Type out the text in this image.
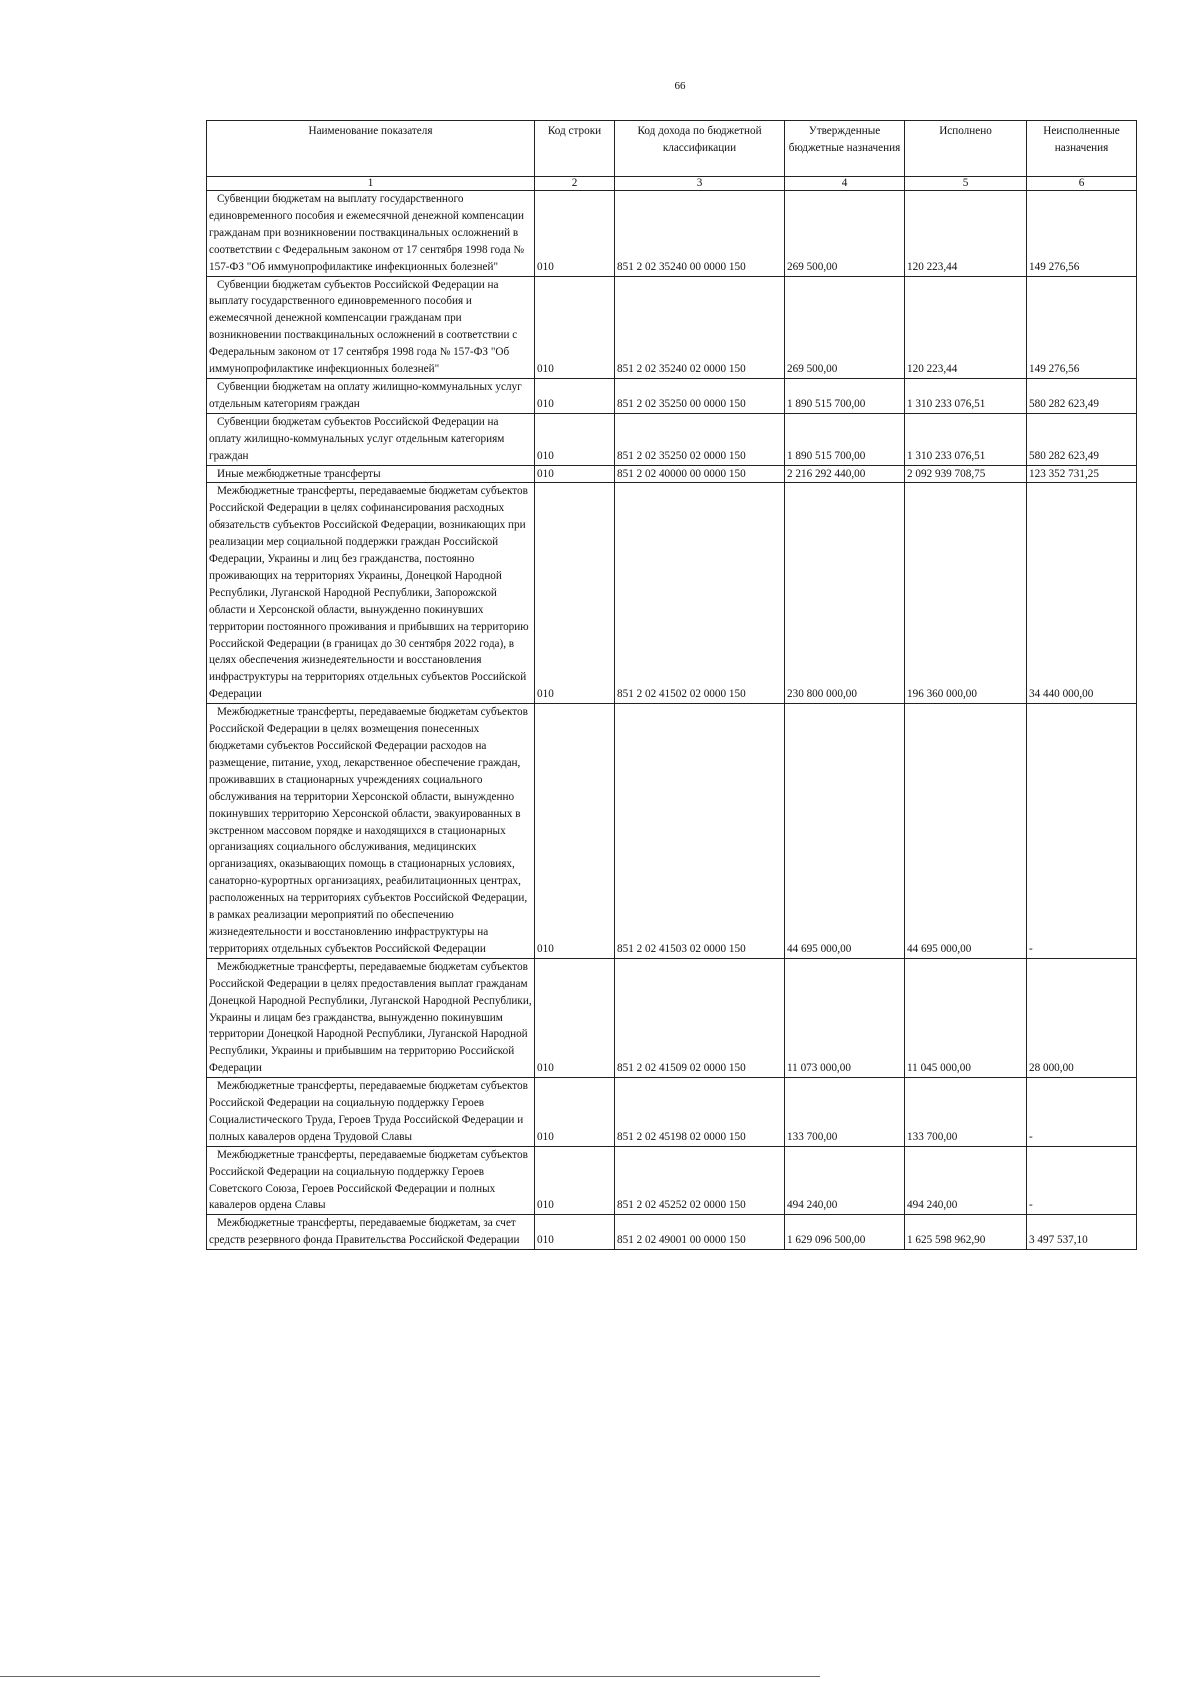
66
Наименование показателя	Код строки	Код дохода по бюджетной классификации	Утвержденные бюджетные назначения	Исполнено	Неисполненные назначения
1	2	3	4	5	6

Субвенции бюджетам на выплату государственного единовременного пособия и ежемесячной денежной компенсации гражданам при возникновении поствакцинальных осложнений в соответствии с Федеральным законом от 17 сентября 1998 года № 157-ФЗ "Об иммунопрофилактике инфекционных болезней"	010	851 2 02 35240 00 0000 150	269 500,00	120 223,44	149 276,56

Субвенции бюджетам субъектов Российской Федерации на выплату государственного единовременного пособия и ежемесячной денежной компенсации гражданам при возникновении поствакцинальных осложнений в соответствии с Федеральным законом от 17 сентября 1998 года № 157-ФЗ "Об иммунопрофилактике инфекционных болезней"	010	851 2 02 35240 02 0000 150	269 500,00	120 223,44	149 276,56

Субвенции бюджетам на оплату жилищно-коммунальных услуг отдельным категориям граждан	010	851 2 02 35250 00 0000 150	1 890 515 700,00	1 310 233 076,51	580 282 623,49

Субвенции бюджетам субъектов Российской Федерации на оплату жилищно-коммунальных услуг отдельным категориям граждан	010	851 2 02 35250 02 0000 150	1 890 515 700,00	1 310 233 076,51	580 282 623,49

Иные межбюджетные трансферты	010	851 2 02 40000 00 0000 150	2 216 292 440,00	2 092 939 708,75	123 352 731,25

Межбюджетные трансферты, передаваемые бюджетам субъектов Российской Федерации в целях софинансирования расходных обязательств субъектов Российской Федерации, возникающих при реализации мер социальной поддержки граждан Российской Федерации, Украины и лиц без гражданства, постоянно проживающих на территориях Украины, Донецкой Народной Республики, Луганской Народной Республики, Запорожской области и Херсонской области, вынужденно покинувших территории постоянного проживания и прибывших на территорию Российской Федерации (в границах до 30 сентября 2022 года), в целях обеспечения жизнедеятельности и восстановления инфраструктуры на территориях отдельных субъектов Российской Федерации	010	851 2 02 41502 02 0000 150	230 800 000,00	196 360 000,00	34 440 000,00

Межбюджетные трансферты, передаваемые бюджетам субъектов Российской Федерации в целях возмещения понесенных бюджетами субъектов Российской Федерации расходов на размещение, питание, уход, лекарственное обеспечение граждан, проживавших в стационарных учреждениях социального обслуживания на территории Херсонской области, вынужденно покинувших территорию Херсонской области, эвакуированных в экстренном массовом порядке и находящихся в стационарных организациях социального обслуживания, медицинских организациях, оказывающих помощь в стационарных условиях, санаторно-курортных организациях, реабилитационных центрах, расположенных на территориях субъектов Российской Федерации, в рамках реализации мероприятий по обеспечению жизнедеятельности и восстановлению инфраструктуры на территориях отдельных субъектов Российской Федерации	010	851 2 02 41503 02 0000 150	44 695 000,00	44 695 000,00	-

Межбюджетные трансферты, передаваемые бюджетам субъектов Российской Федерации в целях предоставления выплат гражданам Донецкой Народной Республики, Луганской Народной Республики, Украины и лицам без гражданства, вынужденно покинувшим территории Донецкой Народной Республики, Луганской Народной Республики, Украины и прибывшим на территорию Российской Федерации	010	851 2 02 41509 02 0000 150	11 073 000,00	11 045 000,00	28 000,00

Межбюджетные трансферты, передаваемые бюджетам субъектов Российской Федерации на социальную поддержку Героев Социалистического Труда, Героев Труда Российской Федерации и полных кавалеров ордена Трудовой Славы	010	851 2 02 45198 02 0000 150	133 700,00	133 700,00	-

Межбюджетные трансферты, передаваемые бюджетам субъектов Российской Федерации на социальную поддержку Героев Советского Союза, Героев Российской Федерации и полных кавалеров ордена Славы	010	851 2 02 45252 02 0000 150	494 240,00	494 240,00	-

Межбюджетные трансферты, передаваемые бюджетам, за счет средств резервного фонда Правительства Российской Федерации	010	851 2 02 49001 00 0000 150	1 629 096 500,00	1 625 598 962,90	3 497 537,10
